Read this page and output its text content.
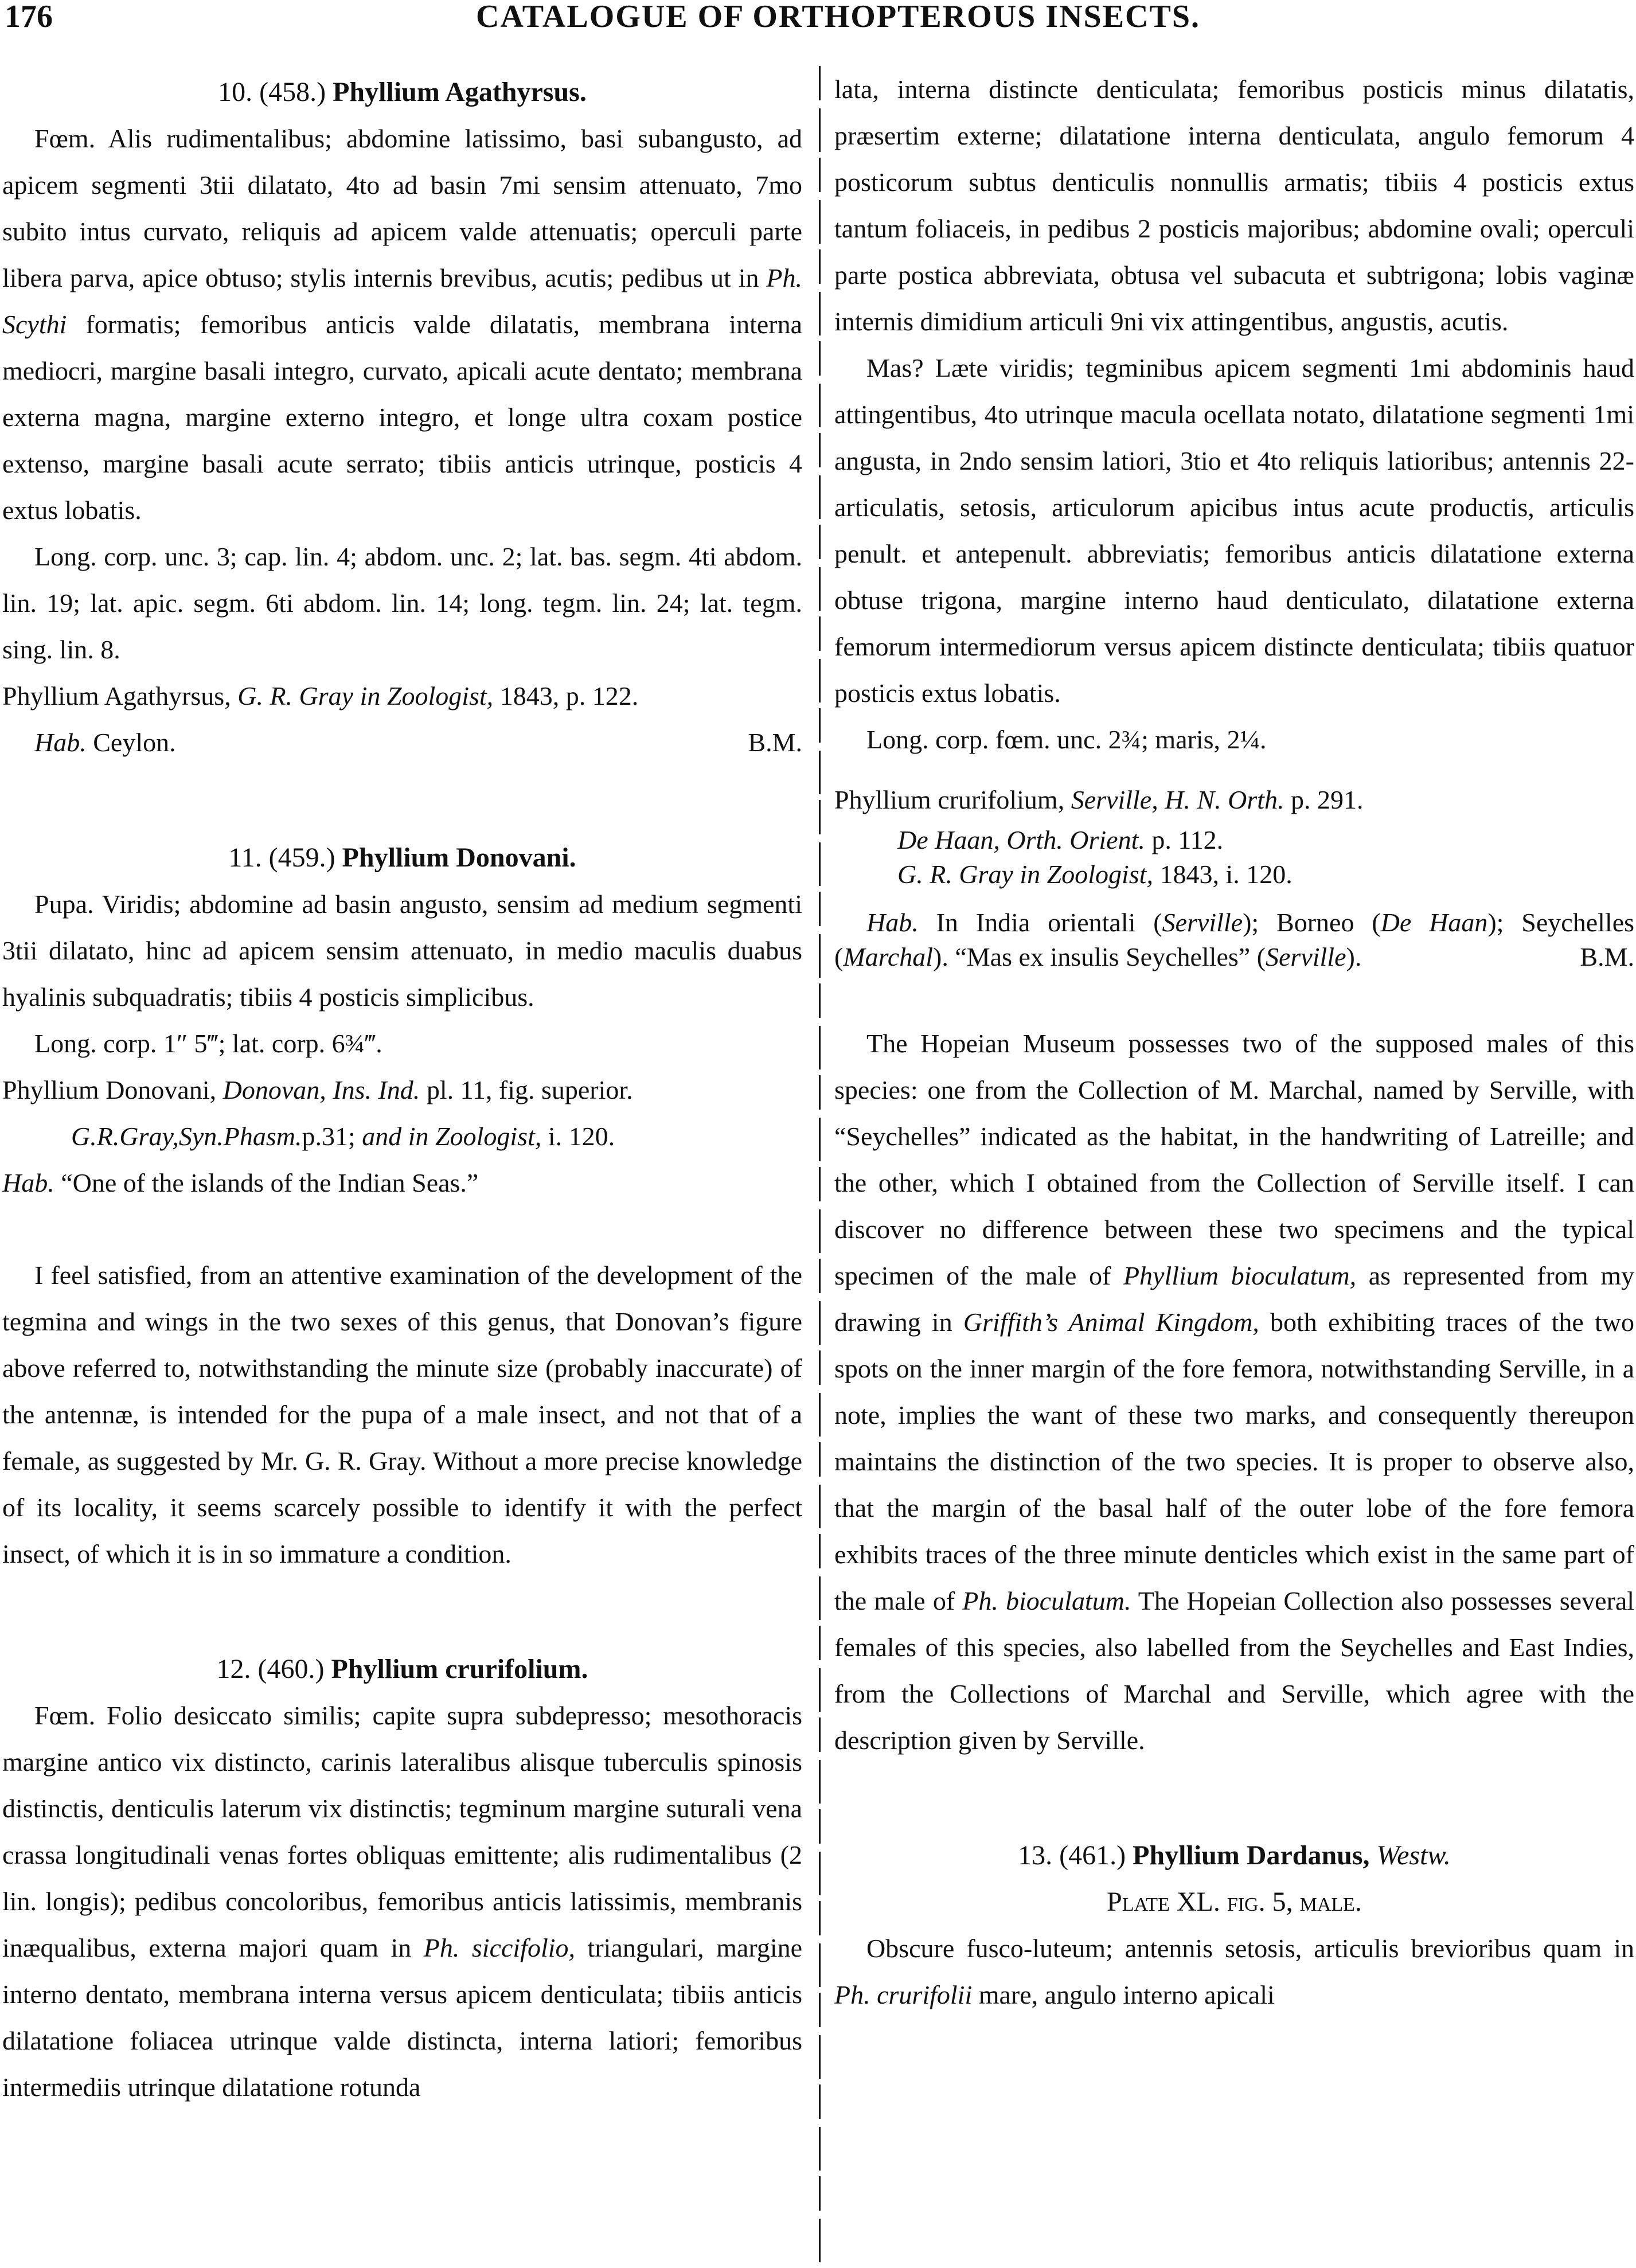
176	CATALOGUE OF ORTHOPTEROUS INSECTS.

10. (458.) Phyllium Agathyrsus.

Fœm. Alis rudimentalibus; abdomine latissimo, basi subangusto, ad apicem segmenti 3tii dilatato, 4to ad basin 7mi sensim attenuato, 7mo subito intus curvato, reliquis ad apicem valde attenuatis; operculi parte libera parva, apice obtuso; stylis internis brevibus, acutis; pedibus ut in Ph. Scythi formatis; femoribus anticis valde dilatatis, membrana interna mediocri, margine basali integro, curvato, apicali acute dentato; membrana externa magna, margine externo integro, et longe ultra coxam postice extenso, margine basali acute serrato; tibiis anticis utrinque, posticis 4 extus lobatis.

Long. corp. unc. 3; cap. lin. 4; abdom. unc. 2; lat. bas. segm. 4ti abdom. lin. 19; lat. apic. segm. 6ti abdom. lin. 14; long. tegm. lin. 24; lat. tegm. sing. lin. 8.

Phyllium Agathyrsus, G. R. Gray in Zoologist, 1843, p. 122.

Hab. Ceylon.	B.M.

11. (459.) Phyllium Donovani.

Pupa. Viridis; abdomine ad basin angusto, sensim ad medium segmenti 3tii dilatato, hinc ad apicem sensim attenuato, in medio maculis duabus hyalinis subquadratis; tibiis 4 posticis simplicibus.

Long. corp. 1″ 5‴; lat. corp. 6¾‴.

Phyllium Donovani, Donovan, Ins. Ind. pl. 11, fig. superior.

G.R.Gray,Syn.Phasm.p.31; and in Zoologist, i. 120.

Hab. “One of the islands of the Indian Seas.”

I feel satisfied, from an attentive examination of the development of the tegmina and wings in the two sexes of this genus, that Donovan’s figure above referred to, notwithstanding the minute size (probably inaccurate) of the antennæ, is intended for the pupa of a male insect, and not that of a female, as suggested by Mr. G. R. Gray. Without a more precise knowledge of its locality, it seems scarcely possible to identify it with the perfect insect, of which it is in so immature a condition.

12. (460.) Phyllium crurifolium.

Fœm. Folio desiccato similis; capite supra subdepresso; mesothoracis margine antico vix distincto, carinis lateralibus alisque tuberculis spinosis distinctis, denticulis laterum vix distinctis; tegminum margine suturali vena crassa longitudinali venas fortes obliquas emittente; alis rudimentalibus (2 lin. longis); pedibus concoloribus, femoribus anticis latissimis, membranis inæqualibus, externa majori quam in Ph. siccifolio, triangulari, margine interno dentato, membrana interna versus apicem denticulata; tibiis anticis dilatatione foliacea utrinque valde distincta, interna latiori; femoribus intermediis utrinque dilatatione rotunda

lata, interna distincte denticulata; femoribus posticis minus dilatatis, præsertim externe; dilatatione interna denticulata, angulo femorum 4 posticorum subtus denticulis nonnullis armatis; tibiis 4 posticis extus tantum foliaceis, in pedibus 2 posticis majoribus; abdomine ovali; operculi parte postica abbreviata, obtusa vel subacuta et subtrigona; lobis vaginæ internis dimidium articuli 9ni vix attingentibus, angustis, acutis.

Mas? Læte viridis; tegminibus apicem segmenti 1mi abdominis haud attingentibus, 4to utrinque macula ocellata notato, dilatatione segmenti 1mi angusta, in 2ndo sensim latiori, 3tio et 4to reliquis latioribus; antennis 22-articulatis, setosis, articulorum apicibus intus acute productis, articulis penult. et antepenult. abbreviatis; femoribus anticis dilatatione externa obtuse trigona, margine interno haud denticulato, dilatatione externa femorum intermediorum versus apicem distincte denticulata; tibiis quatuor posticis extus lobatis.

Long. corp. fœm. unc. 2¾; maris, 2¼.

Phyllium crurifolium, Serville, H. N. Orth. p. 291.

De Haan, Orth. Orient. p. 112.

G. R. Gray in Zoologist, 1843, i. 120.

Hab. In India orientali (Serville); Borneo (De Haan); Seychelles (Marchal). “Mas ex insulis Seychelles” (Serville).	B.M.

The Hopeian Museum possesses two of the supposed males of this species: one from the Collection of M. Marchal, named by Serville, with “Seychelles” indicated as the habitat, in the handwriting of Latreille; and the other, which I obtained from the Collection of Serville itself. I can discover no difference between these two specimens and the typical specimen of the male of Phyllium bioculatum, as represented from my drawing in Griffith’s Animal Kingdom, both exhibiting traces of the two spots on the inner margin of the fore femora, notwithstanding Serville, in a note, implies the want of these two marks, and consequently thereupon maintains the distinction of the two species. It is proper to observe also, that the margin of the basal half of the outer lobe of the fore femora exhibits traces of the three minute denticles which exist in the same part of the male of Ph. bioculatum. The Hopeian Collection also possesses several females of this species, also labelled from the Seychelles and East Indies, from the Collections of Marchal and Serville, which agree with the description given by Serville.

13. (461.) Phyllium Dardanus, Westw.

Plate XL. fig. 5, male.

Obscure fusco-luteum; antennis setosis, articulis brevioribus quam in Ph. crurifolii mare, angulo interno apicali
